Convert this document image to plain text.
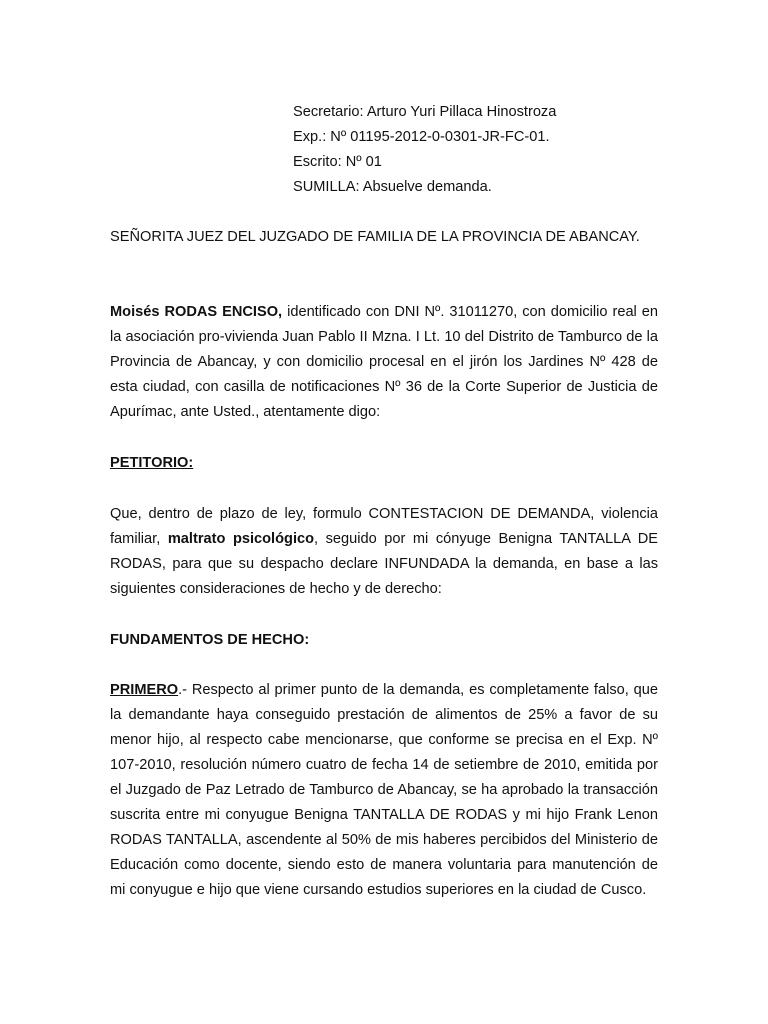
Secretario: Arturo Yuri Pillaca Hinostroza
Exp.: Nº 01195-2012-0-0301-JR-FC-01.
Escrito: Nº 01
SUMILLA: Absuelve demanda.
SEÑORITA JUEZ DEL JUZGADO DE FAMILIA DE LA PROVINCIA DE ABANCAY.
Moisés RODAS ENCISO, identificado con DNI Nº. 31011270, con domicilio real en la asociación pro-vivienda Juan Pablo II Mzna. I Lt. 10 del Distrito de Tamburco de la Provincia de Abancay, y con domicilio procesal en el jirón los Jardines Nº 428 de esta ciudad, con casilla de notificaciones Nº 36 de la Corte Superior de Justicia de Apurímac, ante Usted., atentamente digo:
PETITORIO:
Que, dentro de plazo de ley, formulo CONTESTACION DE DEMANDA, violencia familiar, maltrato psicológico, seguido por mi cónyuge Benigna TANTALLA DE RODAS, para que su despacho declare INFUNDADA la demanda, en base a las siguientes consideraciones de hecho y de derecho:
FUNDAMENTOS DE HECHO:
PRIMERO.- Respecto al primer punto de la demanda, es completamente falso, que la demandante haya conseguido prestación de alimentos de 25% a favor de su menor hijo, al respecto cabe mencionarse, que conforme se precisa en el Exp. Nº 107-2010, resolución número cuatro de fecha 14 de setiembre de 2010, emitida por el Juzgado de Paz Letrado de Tamburco de Abancay, se ha aprobado la transacción suscrita entre mi conyugue Benigna TANTALLA DE RODAS y mi hijo Frank Lenon RODAS TANTALLA, ascendente al 50% de mis haberes percibidos del Ministerio de Educación como docente, siendo esto de manera voluntaria para manutención de mi conyugue e hijo que viene cursando estudios superiores en la ciudad de Cusco.
